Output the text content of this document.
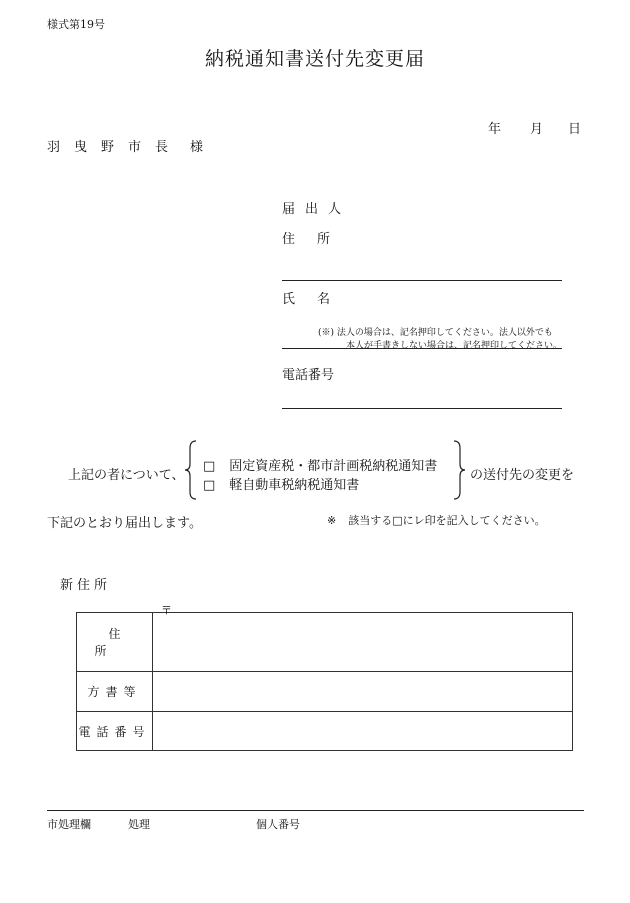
様式第19号
納税通知書送付先変更届
年 月 日
羽曳野市長 様
届出人
住 所
氏 名
(※) 法人の場合は、記名押印してください。法人以外でも
本人が手書きしない場合は、記名押印してください。
電話番号
上記の者について、
□ 固定資産税・都市計画税納税通知書
□ 軽自動車税納税通知書
の送付先の変更を
下記のとおり届出します。	※ 該当する□にレ印を記入してください。
新住所
住所	〒

方書等	
電話番号	
市処理欄	処理	個人番号
